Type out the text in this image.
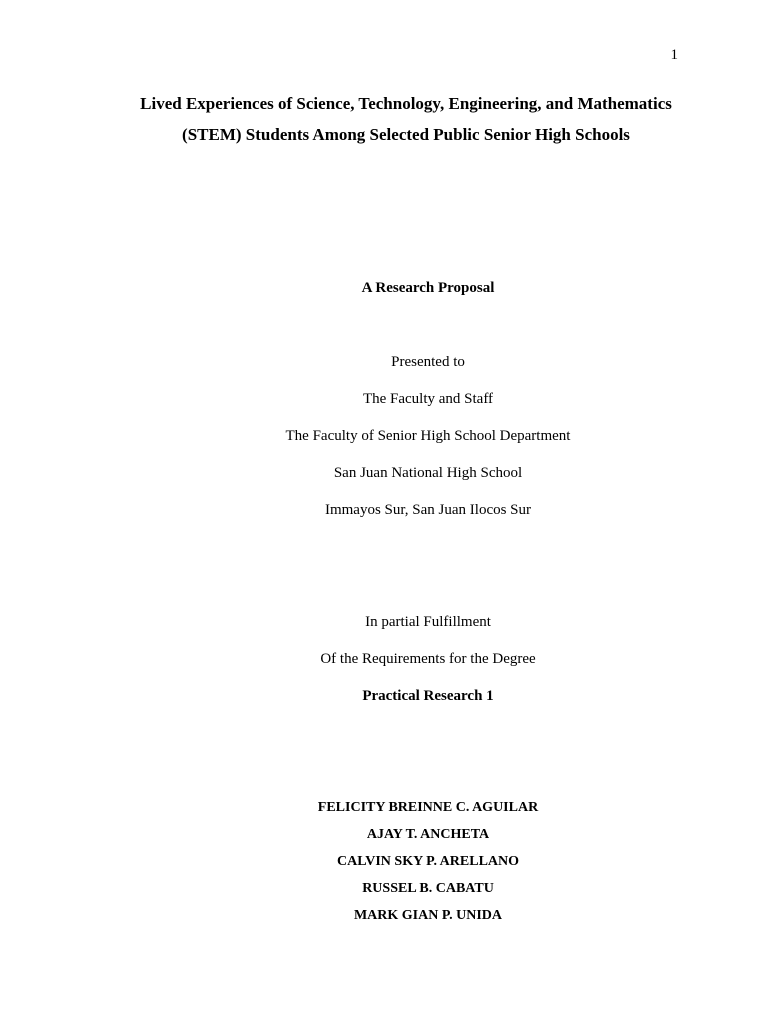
1
Lived Experiences of Science, Technology, Engineering, and Mathematics (STEM) Students Among Selected Public Senior High Schools
A Research Proposal
Presented to
The Faculty and Staff
The Faculty of Senior High School Department
San Juan National High School
Immayos Sur, San Juan Ilocos Sur
In partial Fulfillment
Of the Requirements for the Degree
Practical Research 1
FELICITY BREINNE C. AGUILAR
AJAY T. ANCHETA
CALVIN SKY P. ARELLANO
RUSSEL B. CABATU
MARK GIAN P. UNIDA
